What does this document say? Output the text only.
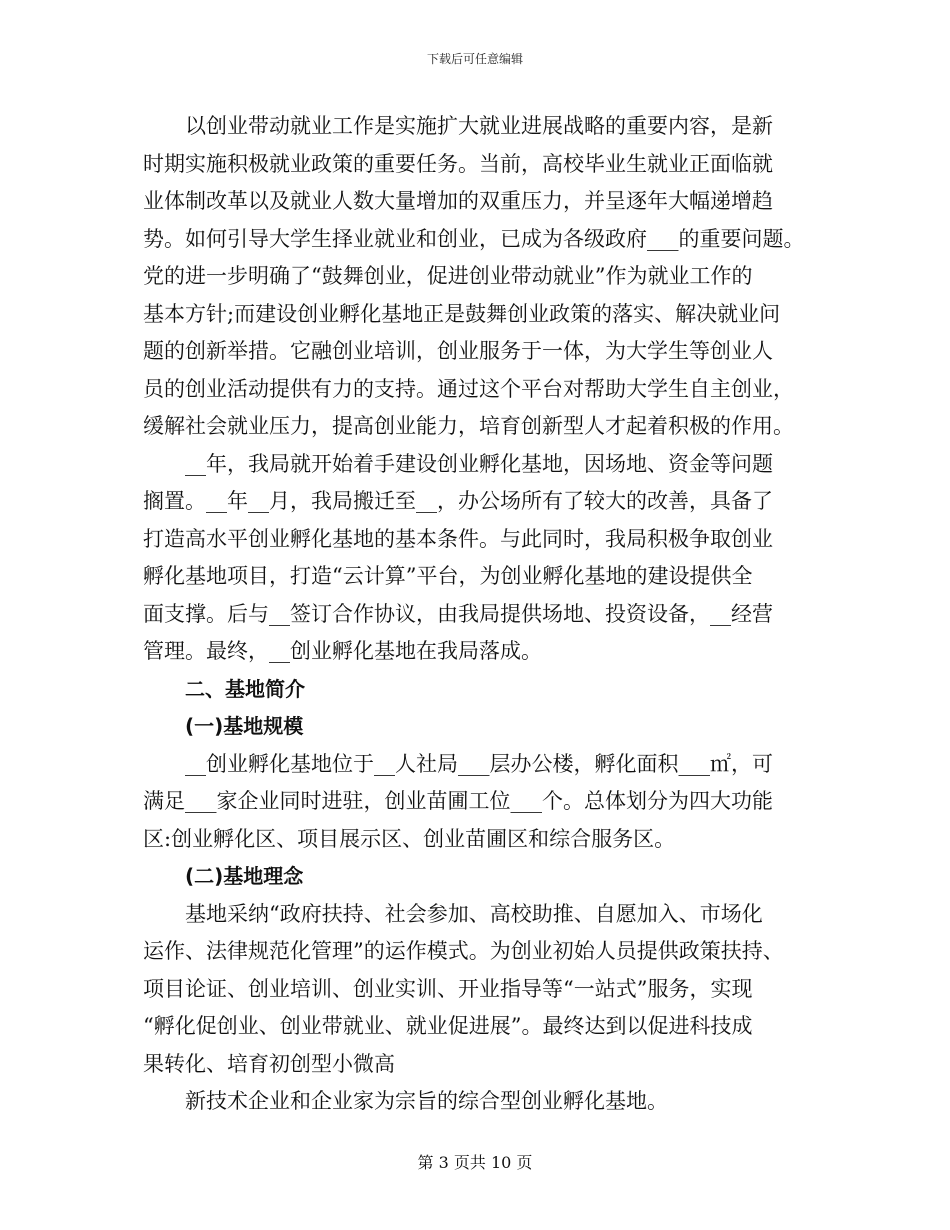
下载后可任意编辑
以创业带动就业工作是实施扩大就业进展战略的重要内容，是新
时期实施积极就业政策的重要任务。当前，高校毕业生就业正面临就
业体制改革以及就业人数大量增加的双重压力，并呈逐年大幅递增趋
势。如何引导大学生择业就业和创业，已成为各级政府___的重要问题。
党的进一步明确了“鼓舞创业，促进创业带动就业”作为就业工作的
基本方针;而建设创业孵化基地正是鼓舞创业政策的落实、解决就业问
题的创新举措。它融创业培训，创业服务于一体，为大学生等创业人
员的创业活动提供有力的支持。通过这个平台对帮助大学生自主创业，
缓解社会就业压力，提高创业能力，培育创新型人才起着积极的作用。
__年，我局就开始着手建设创业孵化基地，因场地、资金等问题
搁置。__年__月，我局搬迁至__，办公场所有了较大的改善，具备了
打造高水平创业孵化基地的基本条件。与此同时，我局积极争取创业
孵化基地项目，打造“云计算”平台，为创业孵化基地的建设提供全
面支撑。后与__签订合作协议，由我局提供场地、投资设备，__经营
管理。最终，__创业孵化基地在我局落成。
二、基地简介
(一)基地规模
__创业孵化基地位于__人社局___层办公楼，孵化面积___㎡，可
满足___家企业同时进驻，创业苗圃工位___个。总体划分为四大功能
区:创业孵化区、项目展示区、创业苗圃区和综合服务区。
(二)基地理念
基地采纳“政府扶持、社会参加、高校助推、自愿加入、市场化
运作、法律规范化管理”的运作模式。为创业初始人员提供政策扶持、
项目论证、创业培训、创业实训、开业指导等“一站式”服务，实现
“孵化促创业、创业带就业、就业促进展”。最终达到以促进科技成
果转化、培育初创型小微高
新技术企业和企业家为宗旨的综合型创业孵化基地。
第 3 页共 10 页
